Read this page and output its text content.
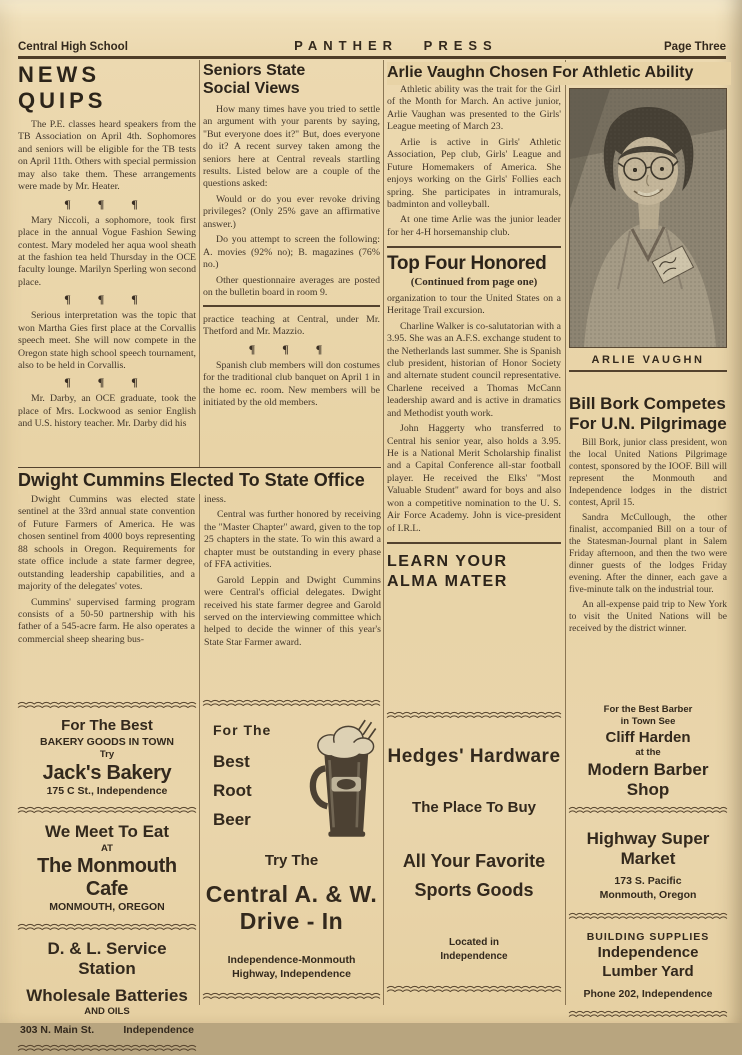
Central High School	PANTHER PRESS	Page Three
NEWS QUIPS

The P.E. classes heard speakers from the TB Association on April 4th. Sophomores and seniors will be eligible for the TB tests on April 11th. Others with special permission may also take them. These arrangements were made by Mr. Heater.

¶ ¶ ¶

Mary Niccoli, a sophomore, took first place in the annual Vogue Fashion Sewing contest. Mary modeled her aqua wool sheath at the fashion tea held Thursday in the OCE faculty lounge. Marilyn Sperling won second place.

¶ ¶ ¶

Serious interpretation was the topic that won Martha Gies first place at the Corvallis speech meet. She will now compete in the Oregon state high school speech tournament, also to be held in Corvallis.

¶ ¶ ¶

Mr. Darby, an OCE graduate, took the place of Mrs. Lockwood as senior English and U.S. history teacher. Mr. Darby did his

Seniors State
Social Views

How many times have you tried to settle an argument with your parents by saying, "But everyone does it?" But, does everyone do it? A recent survey taken among the seniors here at Central reveals startling results. Listed below are a couple of the questions asked:

Would or do you ever revoke driving privileges? (Only 25% gave an affirmative answer.)

Do you attempt to screen the following: A. movies (92% no); B. magazines (76% no.)

Other questionnaire averages are posted on the bulletin board in room 9.

practice teaching at Central, under Mr. Thetford and Mr. Mazzio.

¶ ¶ ¶

Spanish club members will don costumes for the traditional club banquet on April 1 in the home ec. room. New members will be initiated by the old members.

Dwight Cummins Elected To State Office

Dwight Cummins was elected state sentinel at the 33rd annual state convention of Future Farmers of America. He was chosen sentinel from 4000 boys representing 88 schools in Oregon. Requirements for state office include a state farmer degree, outstanding leadership capabilities, and a majority of the delegates' votes.

Cummins' supervised farming program consists of a 50-50 partnership with his father of a 545-acre farm. He also operates a commercial sheep shearing bus-

iness.

Central was further honored by receiving the "Master Chapter" award, given to the top 25 chapters in the state. To win this award a chapter must be outstanding in every phase of FFA activities.

Garold Leppin and Dwight Cummins were Central's official delegates. Dwight received his state farmer degree and Garold served on the interviewing committee which helped to decide the winner of this year's State Star Farmer award.

Arlie Vaughn Chosen For Athletic Ability

Athletic ability was the trait for the Girl of the Month for March. An active junior, Arlie Vaughan was presented to the Girls' League meeting of March 23.

Arlie is active in Girls' Athletic Association, Pep club, Girls' League and Future Homemakers of America. She enjoys working on the Girls' Follies each spring. She participates in intramurals, badminton and volleyball.

At one time Arlie was the junior leader for her 4-H horsemanship club.

Top Four Honored
(Continued from page one)

organization to tour the United States on a Heritage Trail excursion.

Charline Walker is co-salutatorian with a 3.95. She was an A.F.S. exchange student to the Netherlands last summer. She is Spanish club president, historian of Honor Society and alternate student council representative. Charlene received a Thomas McCann leadership award and is active in dramatics and Methodist youth work.

John Haggerty who transferred to Central his senior year, also holds a 3.95. He is a National Merit Scholarship finalist and a Capital Conference all-star football player. He received the Elks' "Most Valuable Student" award for boys and also won a competitive nomination to the U. S. Air Force Academy. John is vice-president of I.R.L.

LEARN YOUR
ALMA MATER
ARLIE VAUGHN
Bill Bork Competes
For U.N. Pilgrimage

Bill Bork, junior class president, won the local United Nations Pilgrimage contest, sponsored by the IOOF. Bill will represent the Monmouth and Independence lodges in the district contest, April 15.

Sandra McCullough, the other finalist, accompanied Bill on a tour of the Statesman-Journal plant in Salem Friday afternoon, and then the two were dinner guests of the lodges Friday evening. After the dinner, each gave a five-minute talk on the industrial tour.

An all-expense paid trip to New York to visit the United Nations will be received by the district winner.

For The Best
BAKERY GOODS IN TOWN
Try
Jack's Bakery
175 C St., Independence
We Meet To Eat
AT
The Monmouth Cafe
MONMOUTH, OREGON
D. & L. Service Station
Wholesale Batteries
AND OILS
303 N. Main St.	Independence
For The
Best
Root
Beer
Try The
Central A. & W.
Drive - In
Independence-Monmouth
Highway, Independence
Hedges' Hardware
The Place To Buy
All Your Favorite
Sports Goods
Located in
Independence
For the Best Barber
in Town See
Cliff Harden
at the
Modern Barber Shop
Highway Super Market
173 S. Pacific
Monmouth, Oregon
BUILDING SUPPLIES
Independence Lumber Yard
Phone 202, Independence
